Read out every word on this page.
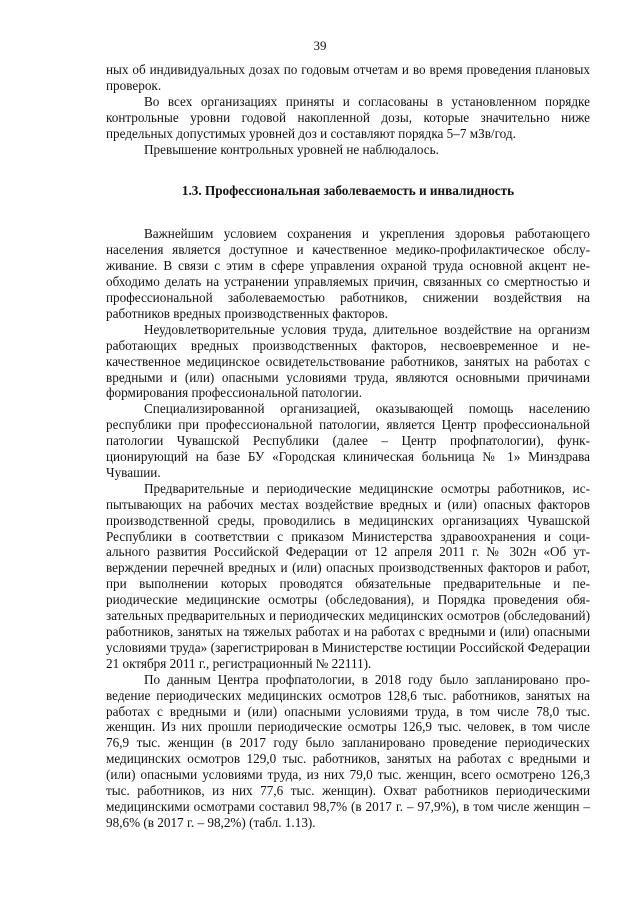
39

ных об индивидуальных дозах по годовым отчетам и во время проведения плановых проверок.

Во всех организациях приняты и согласованы в установленном порядке контрольные уровни годовой накопленной дозы, которые значительно ниже предельных допустимых уровней доз и составляют порядка 5–7 мЗв/год.

Превышение контрольных уровней не наблюдалось.

1.3. Профессиональная заболеваемость и инвалидность

Важнейшим условием сохранения и укрепления здоровья работающего населения является доступное и качественное медико-профилактическое обслуживание. В связи с этим в сфере управления охраной труда основной акцент необходимо делать на устранении управляемых причин, связанных со смертностью и профессиональной заболеваемостью работников, снижении воздействия на работников вредных производственных факторов.

Неудовлетворительные условия труда, длительное воздействие на организм работающих вредных производственных факторов, несвоевременное и некачественное медицинское освидетельствование работников, занятых на работах с вредными и (или) опасными условиями труда, являются основными причинами формирования профессиональной патологии.

Специализированной организацией, оказывающей помощь населению республики при профессиональной патологии, является Центр профессиональной патологии Чувашской Республики (далее – Центр профпатологии), функционирующий на базе БУ «Городская клиническая больница № 1» Минздрава Чувашии.

Предварительные и периодические медицинские осмотры работников, испытывающих на рабочих местах воздействие вредных и (или) опасных факторов производственной среды, проводились в медицинских организациях Чувашской Республики в соответствии с приказом Министерства здравоохранения и социального развития Российской Федерации от 12 апреля 2011 г. № 302н «Об утверждении перечней вредных и (или) опасных производственных факторов и работ, при выполнении которых проводятся обязательные предварительные и периодические медицинские осмотры (обследования), и Порядка проведения обязательных предварительных и периодических медицинских осмотров (обследований) работников, занятых на тяжелых работах и на работах с вредными и (или) опасными условиями труда» (зарегистрирован в Министерстве юстиции Российской Федерации 21 октября 2011 г., регистрационный № 22111).

По данным Центра профпатологии, в 2018 году было запланировано проведение периодических медицинских осмотров 128,6 тыс. работников, занятых на работах с вредными и (или) опасными условиями труда, в том числе 78,0 тыс. женщин. Из них прошли периодические осмотры 126,9 тыс. человек, в том числе 76,9 тыс. женщин (в 2017 году было запланировано проведение периодических медицинских осмотров 129,0 тыс. работников, занятых на работах с вредными и (или) опасными условиями труда, из них 79,0 тыс. женщин, всего осмотрено 126,3 тыс. работников, из них 77,6 тыс. женщин). Охват работников периодическими медицинскими осмотрами составил 98,7% (в 2017 г. – 97,9%), в том числе женщин – 98,6% (в 2017 г. – 98,2%) (табл. 1.13).
